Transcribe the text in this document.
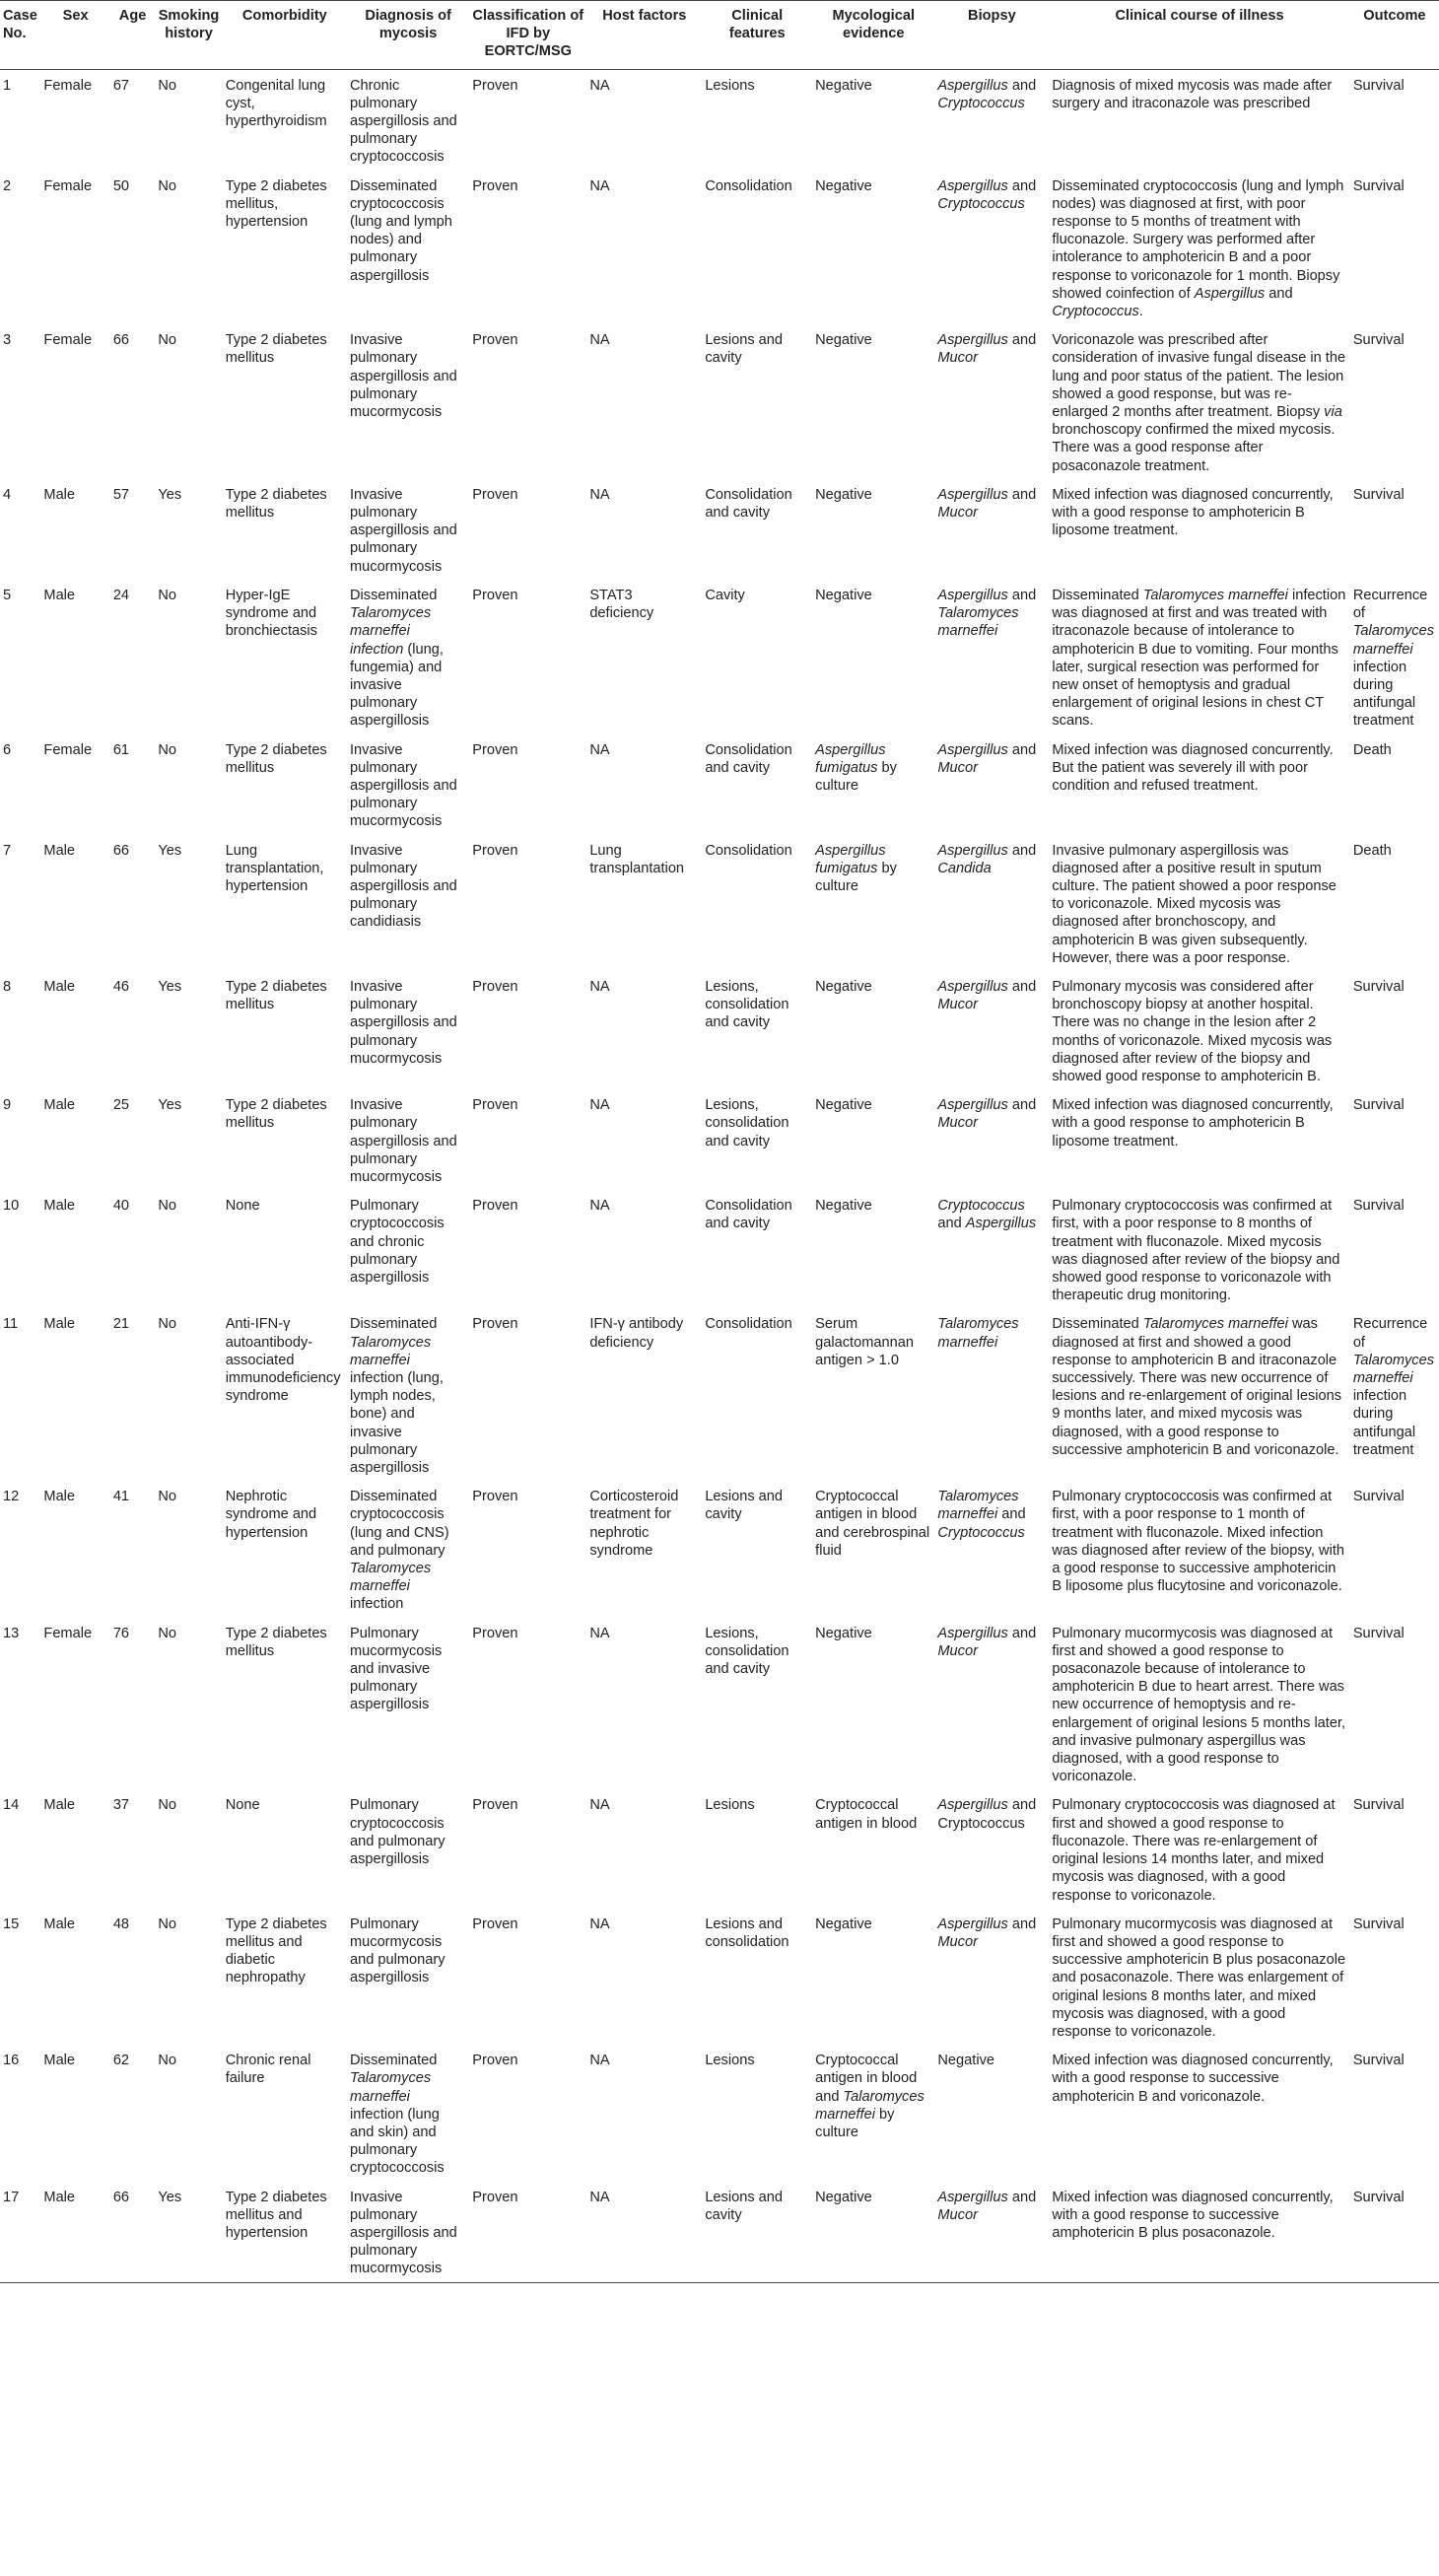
Case No.	Sex	Age	Smoking history	Comorbidity	Diagnosis of mycosis	Classification of IFD by EORTC/MSG	Host factors	Clinical features	Mycological evidence	Biopsy	Clinical course of illness	Outcome
1	Female	67	No	Congenital lung cyst, hyperthyroidism	Chronic pulmonary aspergillosis and pulmonary cryptococcosis	Proven	NA	Lesions	Negative	Aspergillus and Cryptococcus	Diagnosis of mixed mycosis was made after surgery and itraconazole was prescribed	Survival
2	Female	50	No	Type 2 diabetes mellitus, hypertension	Disseminated cryptococcosis (lung and lymph nodes) and pulmonary aspergillosis	Proven	NA	Consolidation	Negative	Aspergillus and Cryptococcus	Disseminated cryptococcosis (lung and lymph nodes) was diagnosed at first, with poor response to 5 months of treatment with fluconazole. Surgery was performed after intolerance to amphotericin B and a poor response to voriconazole for 1 month. Biopsy showed coinfection of Aspergillus and Cryptococcus.	Survival
3	Female	66	No	Type 2 diabetes mellitus	Invasive pulmonary aspergillosis and pulmonary mucormycosis	Proven	NA	Lesions and cavity	Negative	Aspergillus and Mucor	Voriconazole was prescribed after consideration of invasive fungal disease in the lung and poor status of the patient. The lesion showed a good response, but was re-enlarged 2 months after treatment. Biopsy via bronchoscopy confirmed the mixed mycosis. There was a good response after posaconazole treatment.	Survival
4	Male	57	Yes	Type 2 diabetes mellitus	Invasive pulmonary aspergillosis and pulmonary mucormycosis	Proven	NA	Consolidation and cavity	Negative	Aspergillus and Mucor	Mixed infection was diagnosed concurrently, with a good response to amphotericin B liposome treatment.	Survival
5	Male	24	No	Hyper-IgE syndrome and bronchiectasis	Disseminated Talaromyces marneffei infection (lung, fungemia) and invasive pulmonary aspergillosis	Proven	STAT3 deficiency	Cavity	Negative	Aspergillus and Talaromyces marneffei	Disseminated Talaromyces marneffei infection was diagnosed at first and was treated with itraconazole because of intolerance to amphotericin B due to vomiting. Four months later, surgical resection was performed for new onset of hemoptysis and gradual enlargement of original lesions in chest CT scans.	Recurrence of Talaromyces marneffei infection during antifungal treatment
6	Female	61	No	Type 2 diabetes mellitus	Invasive pulmonary aspergillosis and pulmonary mucormycosis	Proven	NA	Consolidation and cavity	Aspergillus fumigatus by culture	Aspergillus and Mucor	Mixed infection was diagnosed concurrently. But the patient was severely ill with poor condition and refused treatment.	Death
7	Male	66	Yes	Lung transplantation, hypertension	Invasive pulmonary aspergillosis and pulmonary candidiasis	Proven	Lung transplantation	Consolidation	Aspergillus fumigatus by culture	Aspergillus and Candida	Invasive pulmonary aspergillosis was diagnosed after a positive result in sputum culture. The patient showed a poor response to voriconazole. Mixed mycosis was diagnosed after bronchoscopy, and amphotericin B was given subsequently. However, there was a poor response.	Death
8	Male	46	Yes	Type 2 diabetes mellitus	Invasive pulmonary aspergillosis and pulmonary mucormycosis	Proven	NA	Lesions, consolidation and cavity	Negative	Aspergillus and Mucor	Pulmonary mycosis was considered after bronchoscopy biopsy at another hospital. There was no change in the lesion after 2 months of voriconazole. Mixed mycosis was diagnosed after review of the biopsy and showed good response to amphotericin B.	Survival
9	Male	25	Yes	Type 2 diabetes mellitus	Invasive pulmonary aspergillosis and pulmonary mucormycosis	Proven	NA	Lesions, consolidation and cavity	Negative	Aspergillus and Mucor	Mixed infection was diagnosed concurrently, with a good response to amphotericin B liposome treatment.	Survival
10	Male	40	No	None	Pulmonary cryptococcosis and chronic pulmonary aspergillosis	Proven	NA	Consolidation and cavity	Negative	Cryptococcus and Aspergillus	Pulmonary cryptococcosis was confirmed at first, with a poor response to 8 months of treatment with fluconazole. Mixed mycosis was diagnosed after review of the biopsy and showed good response to voriconazole with therapeutic drug monitoring.	Survival
11	Male	21	No	Anti-IFN-γ autoantibody-associated immunodeficiency syndrome	Disseminated Talaromyces marneffei infection (lung, lymph nodes, bone) and invasive pulmonary aspergillosis	Proven	IFN-γ antibody deficiency	Consolidation	Serum galactomannan antigen > 1.0	Talaromyces marneffei	Disseminated Talaromyces marneffei was diagnosed at first and showed a good response to amphotericin B and itraconazole successively. There was new occurrence of lesions and re-enlargement of original lesions 9 months later, and mixed mycosis was diagnosed, with a good response to successive amphotericin B and voriconazole.	Recurrence of Talaromyces marneffei infection during antifungal treatment
12	Male	41	No	Nephrotic syndrome and hypertension	Disseminated cryptococcosis (lung and CNS) and pulmonary Talaromyces marneffei infection	Proven	Corticosteroid treatment for nephrotic syndrome	Lesions and cavity	Cryptococcal antigen in blood and cerebrospinal fluid	Talaromyces marneffei and Cryptococcus	Pulmonary cryptococcosis was confirmed at first, with a poor response to 1 month of treatment with fluconazole. Mixed infection was diagnosed after review of the biopsy, with a good response to successive amphotericin B liposome plus flucytosine and voriconazole.	Survival
13	Female	76	No	Type 2 diabetes mellitus	Pulmonary mucormycosis and invasive pulmonary aspergillosis	Proven	NA	Lesions, consolidation and cavity	Negative	Aspergillus and Mucor	Pulmonary mucormycosis was diagnosed at first and showed a good response to posaconazole because of intolerance to amphotericin B due to heart arrest. There was new occurrence of hemoptysis and re-enlargement of original lesions 5 months later, and invasive pulmonary aspergillus was diagnosed, with a good response to voriconazole.	Survival
14	Male	37	No	None	Pulmonary cryptococcosis and pulmonary aspergillosis	Proven	NA	Lesions	Cryptococcal antigen in blood	Aspergillus and Cryptococcus	Pulmonary cryptococcosis was diagnosed at first and showed a good response to fluconazole. There was re-enlargement of original lesions 14 months later, and mixed mycosis was diagnosed, with a good response to voriconazole.	Survival
15	Male	48	No	Type 2 diabetes mellitus and diabetic nephropathy	Pulmonary mucormycosis and pulmonary aspergillosis	Proven	NA	Lesions and consolidation	Negative	Aspergillus and Mucor	Pulmonary mucormycosis was diagnosed at first and showed a good response to successive amphotericin B plus posaconazole and posaconazole. There was enlargement of original lesions 8 months later, and mixed mycosis was diagnosed, with a good response to voriconazole.	Survival
16	Male	62	No	Chronic renal failure	Disseminated Talaromyces marneffei infection (lung and skin) and pulmonary cryptococcosis	Proven	NA	Lesions	Cryptococcal antigen in blood and Talaromyces marneffei by culture	Negative	Mixed infection was diagnosed concurrently, with a good response to successive amphotericin B and voriconazole.	Survival
17	Male	66	Yes	Type 2 diabetes mellitus and hypertension	Invasive pulmonary aspergillosis and pulmonary mucormycosis	Proven	NA	Lesions and cavity	Negative	Aspergillus and Mucor	Mixed infection was diagnosed concurrently, with a good response to successive amphotericin B plus posaconazole.	Survival
